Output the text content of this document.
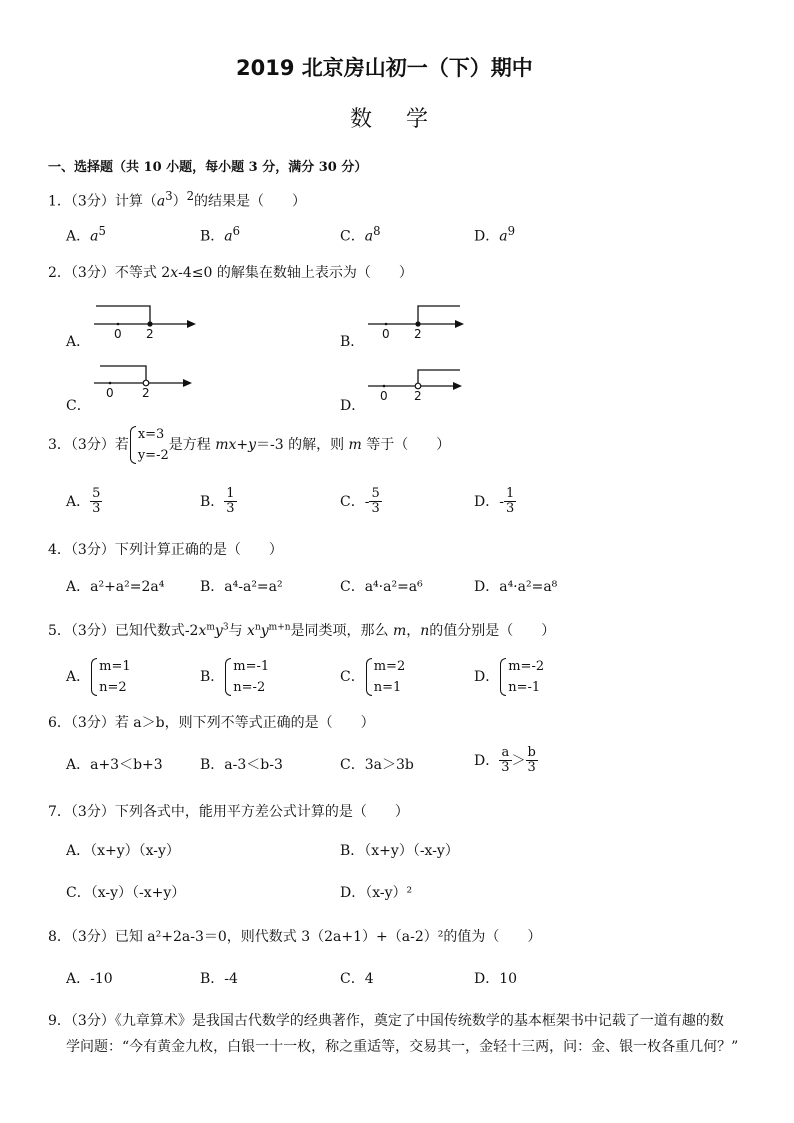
2019 北京房山初一（下）期中
数学
一、选择题（共 10 小题，每小题 3 分，满分 30 分）
1．（3分）计算$(a^3)^2$的结果是（　　）
A．$a^5$	B．$a^6$	C．$a^8$	D．$a^9$
2．（3分）不等式 2x-4≤0 的解集在数轴上表示为（　　）
A． 0 2	B． 0 2
C．
0 2
D．
0 2
3．（3分）若
x=3
y=-2
是方程 mx+y＝-3 的解，则 m 等于（　　）
A． $\frac{5}{3}$	B． $\frac{1}{3}$	C．- $\frac{5}{3}$	D．- $\frac{1}{3}$
4．（3分）下列计算正确的是（　　）
A．a²+a²=2a⁴	B．a⁴-a²=a²	C．a⁴·a²=a⁶	D．a⁴·a²=a⁸
5．（3分）已知代数式$-2x^my^3$与 $x^ny^{m+n}$是同类项，那么 m，n的值分别是（　　）
A．
m=1
n=2
B．
m=-1
n=-2
C．
m=2
n=1
D．
m=-2
n=-1
6．（3分）若 a＞b，则下列不等式正确的是（　　）
A．a+3＜b+3	B．a-3＜b-3	C．3a＞3b	D． $\frac{a}{3} > \frac{b}{3}$
7．（3分）下列各式中，能用平方差公式计算的是（　　）
A．（x+y）（x-y）	B．（x+y）（-x-y）
C．（x-y）（-x+y）	D．（x-y）²
8．（3分）已知 a²+2a-3＝0，则代数式 3（2a+1）+（a-2）²的值为（　　）
A．-10	B．-4	C．4	D．10
9．（3分）《九章算术》是我国古代数学的经典著作，奠定了中国传统数学的基本框架书中记载了一道有趣的数
学问题：“今有黄金九枚，白银一十一枚，称之重适等，交易其一，金轻十三两，问：金、银一枚各重几何？”
